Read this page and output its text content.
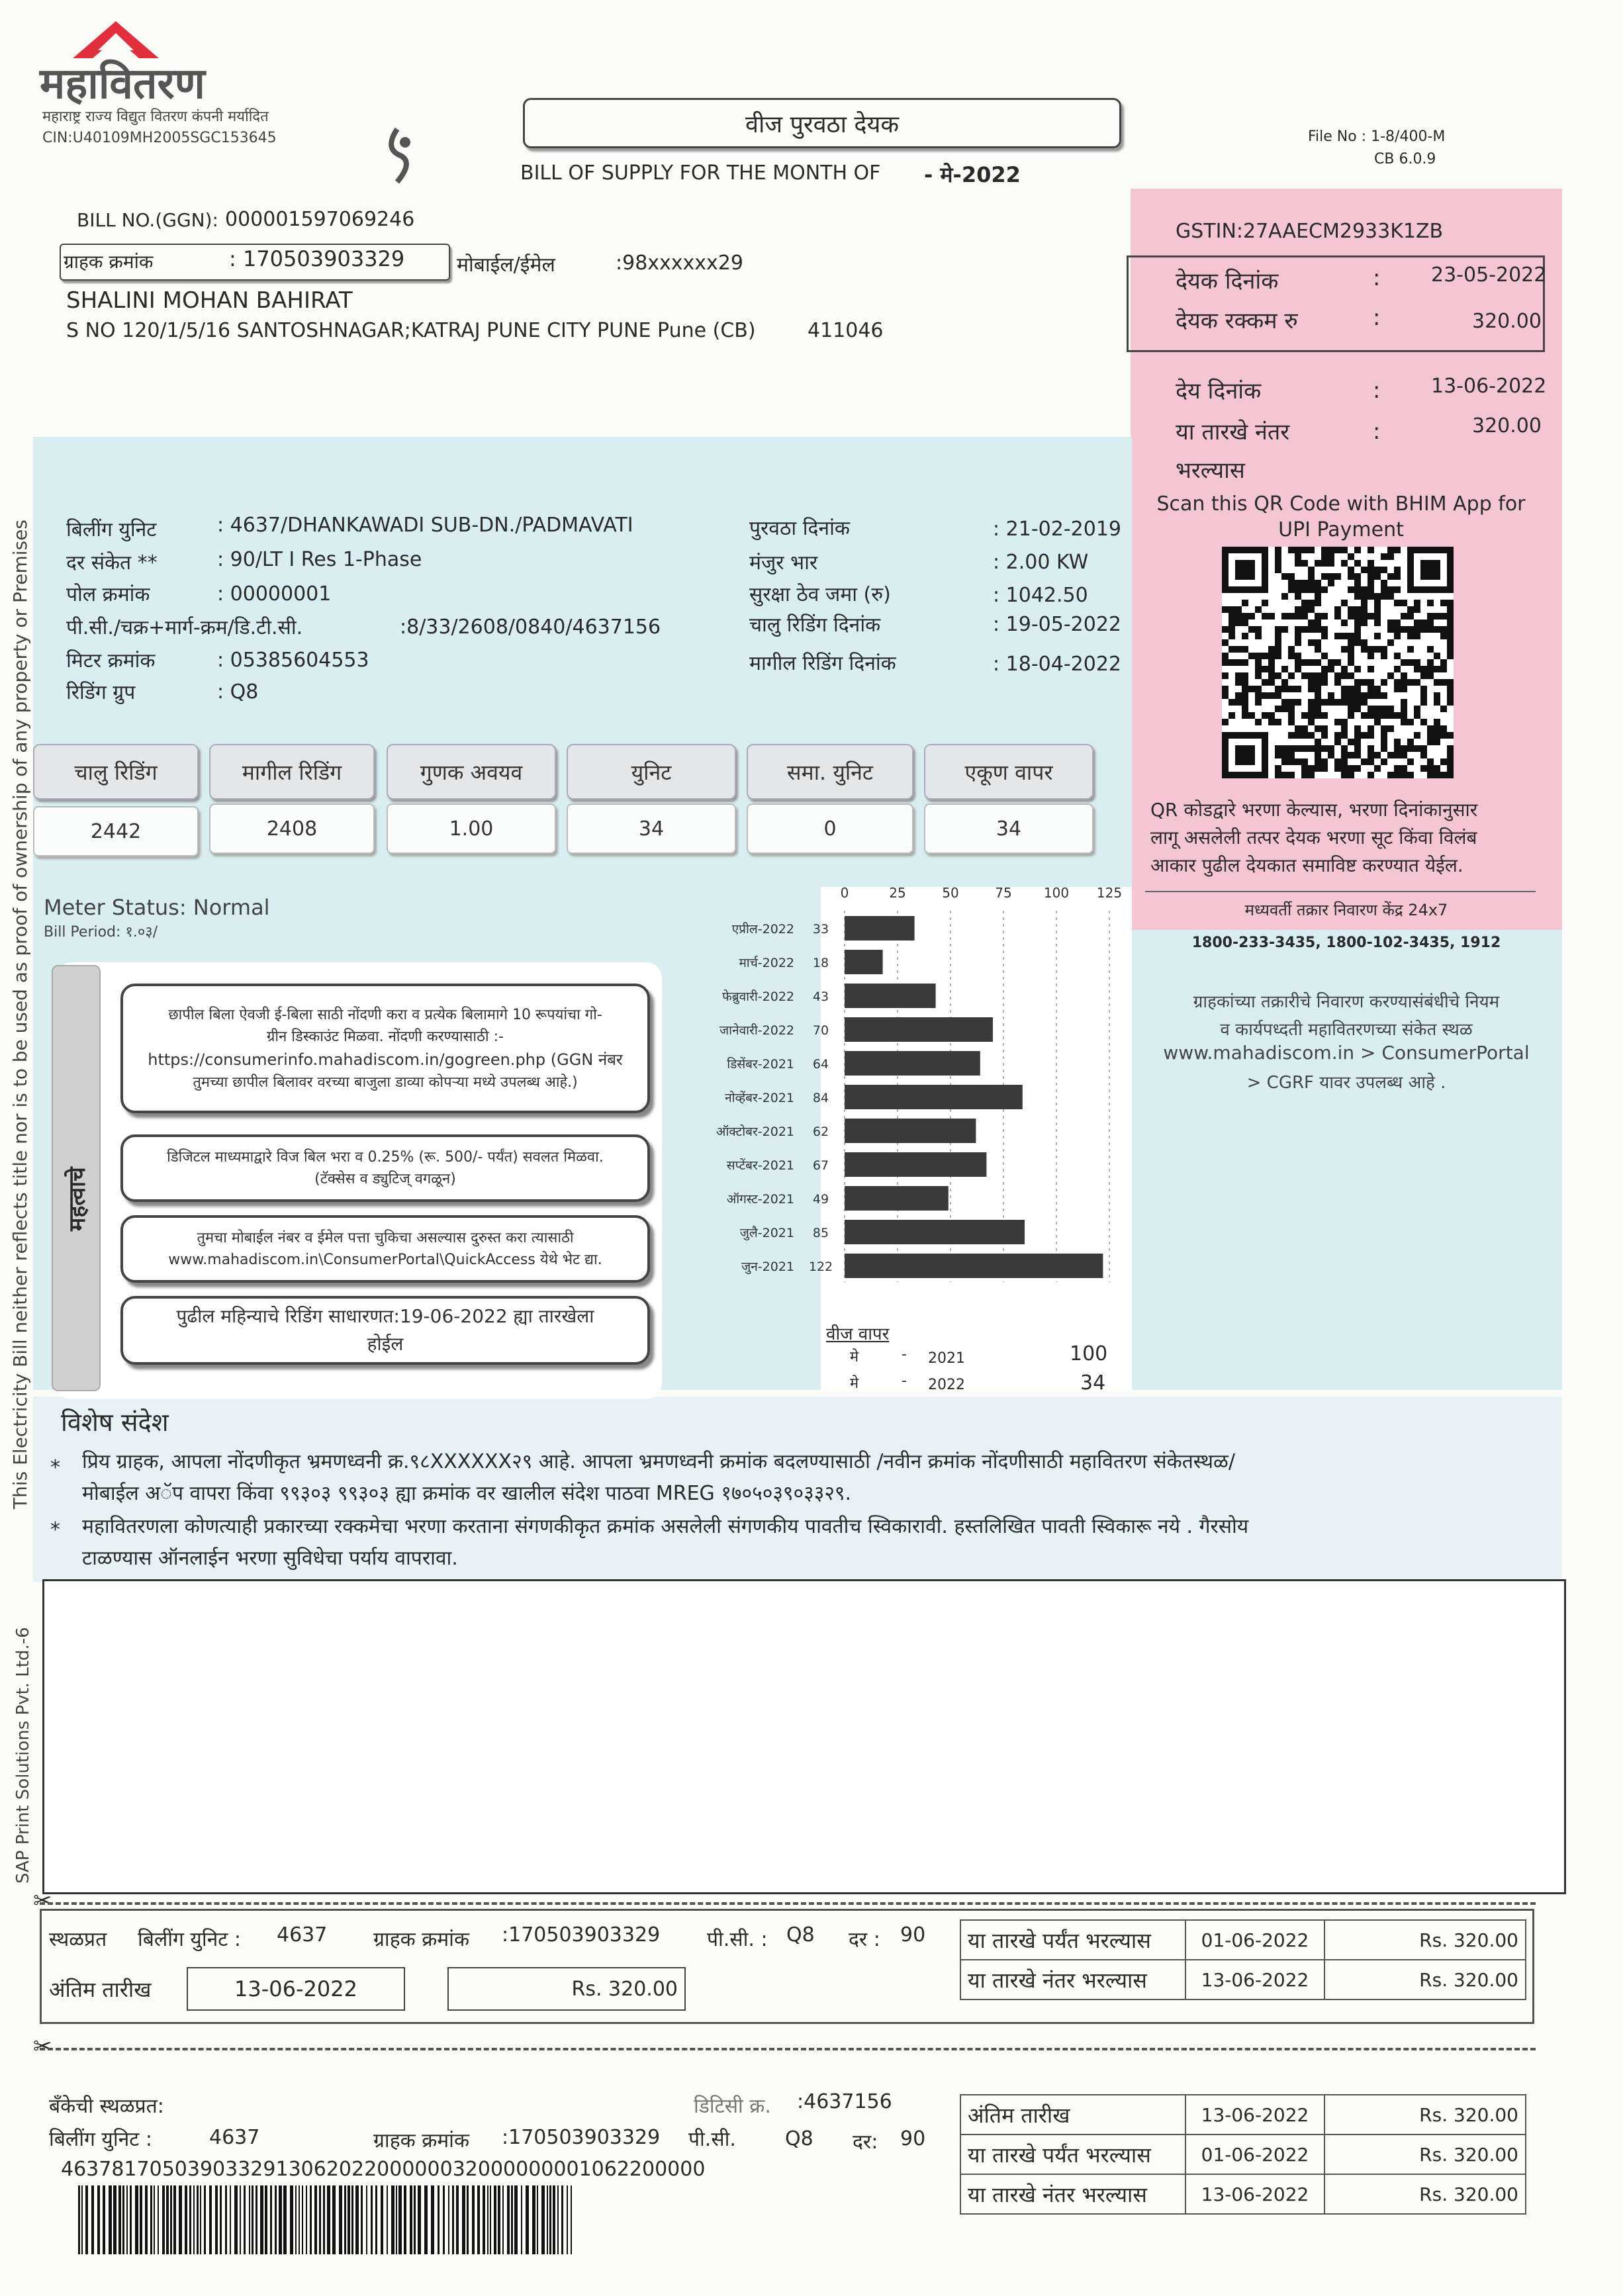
महावितरण
महाराष्ट्र राज्य विद्युत वितरण कंपनी मर्यादित
CIN:U40109MH2005SGC153645	वीज पुरवठा देयक
BILL OF SUPPLY FOR THE MONTH OF - मे-2022
File No : 1-8/400-M
CB 6.0.9
BILL NO.(GGN): 000001597069246
ग्राहक क्रमांक	: 170503903329	मोबाईल/ईमेल	:98xxxxxx29
SHALINI MOHAN BAHIRAT
S NO 120/1/5/16 SANTOSHNAGAR;KATRAJ PUNE CITY PUNE Pune (CB)	411046
GSTIN:27AAECM2933K1ZB
देयक दिनांक	:	23-05-2022
देयक रक्कम रु	:	320.00
देय दिनांक	:	13-06-2022
या तारखे नंतर	:	320.00
भरल्यास
Scan this QR Code with BHIM App for UPI Payment
QR कोडद्वारे भरणा केल्यास, भरणा दिनांकानुसार
लागू असलेली तत्पर देयक भरणा सूट किंवा विलंब
आकार पुढील देयकात समाविष्ट करण्यात येईल.
मध्यवर्ती तक्रार निवारण केंद्र 24x7
1800-233-3435, 1800-102-3435, 1912
ग्राहकांच्या तक्रारीचे निवारण करण्यासंबंधीचे नियम
व कार्यपध्दती महावितरणच्या संकेत स्थळ
www.mahadiscom.in > ConsumerPortal
> CGRF यावर उपलब्ध आहे .
बिलींग युनिट	: 4637/DHANKAWADI SUB-DN./PADMAVATI
दर संकेत **	: 90/LT I Res 1-Phase
पोल क्रमांक	: 00000001
पी.सी./चक्र+मार्ग-क्रम/डि.टी.सी.	:8/33/2608/0840/4637156
मिटर क्रमांक	: 05385604553
रिडिंग ग्रुप	: Q8
पुरवठा दिनांक	: 21-02-2019
मंजुर भार	: 2.00 KW
सुरक्षा ठेव जमा (रु)	: 1042.50
चालु रिडिंग दिनांक	: 19-05-2022
मागील रिडिंग दिनांक	: 18-04-2022
चालु रिडिंग	मागील रिडिंग	गुणक अवयव	युनिट	समा. युनिट	एकूण वापर
2442	2408	1.00	34	0	34
Meter Status: Normal
Bill Period: १.०३/
महत्वाचे
छापील बिला ऐवजी ई-बिला साठी नोंदणी करा व प्रत्येक बिलामागे 10 रूपयांचा गो-
ग्रीन डिस्काउंट मिळवा. नोंदणी करण्यासाठी :-
https://consumerinfo.mahadiscom.in/gogreen.php (GGN नंबर
तुमच्या छापील बिलावर वरच्या बाजुला डाव्या कोपऱ्या मध्ये उपलब्ध आहे.)
डिजिटल माध्यमाद्वारे विज बिल भरा व 0.25% (रू. 500/- पर्यंत) सवलत मिळवा.
(टॅक्सेस व ड्युटिज् वगळून)
तुमचा मोबाईल नंबर व ईमेल पत्ता चुकिचा असल्यास दुरुस्त करा त्यासाठी
www.mahadiscom.in\ConsumerPortal\QuickAccess येथे भेट द्या.
पुढील महिन्याचे रिडिंग साधारणत:19-06-2022 ह्या तारखेला
होईल
0	25	50	75 100 125
एप्रील-2022 33
मार्च-2022 18
फेब्रुवारी-2022 43
जानेवारी-2022 70
डिसेंबर-2021 64
नोव्हेंबर-2021 84
ऑक्टोबर-2021 62
सप्टेंबर-2021 67
ऑगस्ट-2021 49
जुलै-2021 85
जुन-2021 122
वीज वापर
मे	- 2021	100
मे	- 2022	34
विशेष संदेश
* प्रिय ग्राहक, आपला नोंदणीकृत भ्रमणध्वनी क्र.९८XXXXXX२९ आहे. आपला भ्रमणध्वनी क्रमांक बदलण्यासाठी /नवीन क्रमांक नोंदणीसाठी महावितरण संकेतस्थळ/
मोबाईल अॅप वापरा किंवा ९९३०३ ९९३०३ ह्या क्रमांक वर खालील संदेश पाठवा MREG १७०५०३९०३३२९.
* महावितरणला कोणत्याही प्रकारच्या रक्कमेचा भरणा करताना संगणकीकृत क्रमांक असलेली संगणकीय पावतीच स्विकारावी. हस्तलिखित पावती स्विकारू नये . गैरसोय
टाळण्यास ऑनलाईन भरणा सुविधेचा पर्याय वापरावा.
This Electricity Bill neither reflects title nor is to be used as proof of ownership of any property or Premises
SAP Print Solutions Pvt. Ltd.-6
✂
स्थळप्रत बिलींग युनिट : 4637 ग्राहक क्रमांक :170503903329 पी.सी. : Q8 दर : 90
अंतिम तारीख	13-06-2022	Rs. 320.00
या तारखे पर्यंत भरल्यास	01-06-2022	Rs. 320.00
या तारखे नंतर भरल्यास	13-06-2022	Rs. 320.00
✂
बँकेची स्थळप्रत:
बिलींग युनिट :	4637	ग्राहक क्रमांक :170503903329
डिटिसी क्र. :4637156
पी.सी. Q8 दर: 90
463781705039033291306202200000032000000001062200000
अंतिम तारीख	13-06-2022	Rs. 320.00
या तारखे पर्यंत भरल्यास	01-06-2022	Rs. 320.00
या तारखे नंतर भरल्यास	13-06-2022	Rs. 320.00
